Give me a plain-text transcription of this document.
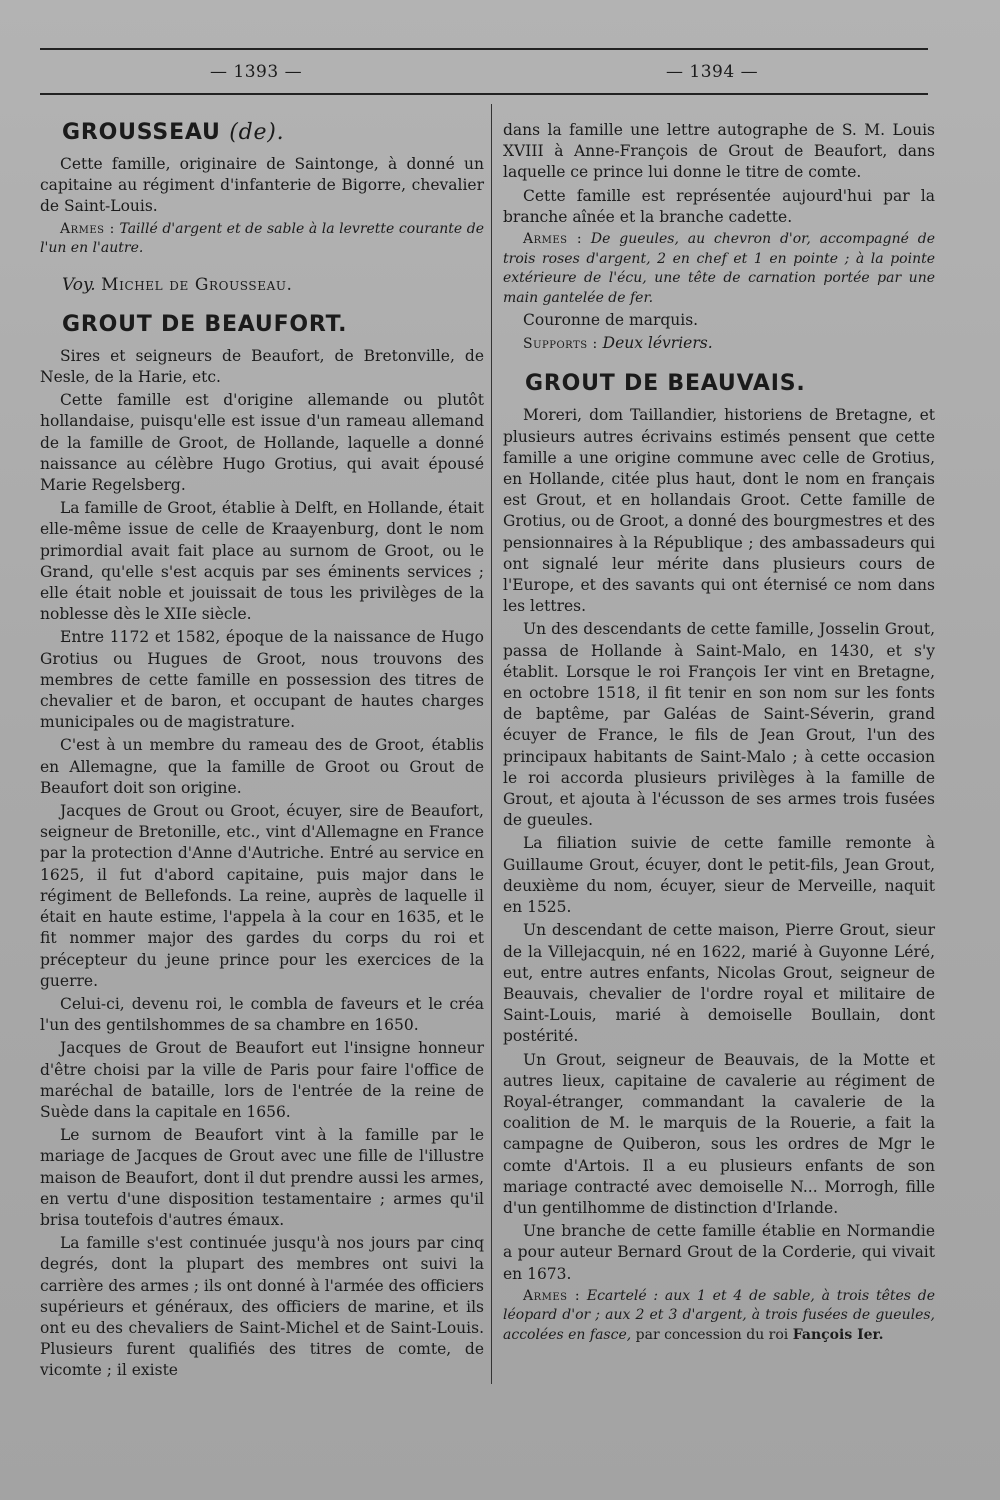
— 1393 —	— 1394 —
GROUSSEAU (de).

Cette famille, originaire de Saintonge, à donné un capitaine au régiment d'infanterie de Bigorre, chevalier de Saint-Louis.

Armes : Taillé d'argent et de sable à la levrette courante de l'un en l'autre.

Voy. Michel de Grousseau.
GROUT DE BEAUFORT.

Sires et seigneurs de Beaufort, de Bretonville, de Nesle, de la Harie, etc.

Cette famille est d'origine allemande ou plutôt hollandaise, puisqu'elle est issue d'un rameau allemand de la famille de Groot, de Hollande, laquelle a donné naissance au célèbre Hugo Grotius, qui avait épousé Marie Regelsberg.

La famille de Groot, établie à Delft, en Hollande, était elle-même issue de celle de Kraayenburg, dont le nom primordial avait fait place au surnom de Groot, ou le Grand, qu'elle s'est acquis par ses éminents services ; elle était noble et jouissait de tous les privilèges de la noblesse dès le XIIe siècle.

Entre 1172 et 1582, époque de la naissance de Hugo Grotius ou Hugues de Groot, nous trouvons des membres de cette famille en possession des titres de chevalier et de baron, et occupant de hautes charges municipales ou de magistrature.

C'est à un membre du rameau des de Groot, établis en Allemagne, que la famille de Groot ou Grout de Beaufort doit son origine.

Jacques de Grout ou Groot, écuyer, sire de Beaufort, seigneur de Bretonille, etc., vint d'Allemagne en France par la protection d'Anne d'Autriche. Entré au service en 1625, il fut d'abord capitaine, puis major dans le régiment de Bellefonds. La reine, auprès de laquelle il était en haute estime, l'appela à la cour en 1635, et le fit nommer major des gardes du corps du roi et précepteur du jeune prince pour les exercices de la guerre.

Celui-ci, devenu roi, le combla de faveurs et le créa l'un des gentilshommes de sa chambre en 1650.

Jacques de Grout de Beaufort eut l'insigne honneur d'être choisi par la ville de Paris pour faire l'office de maréchal de bataille, lors de l'entrée de la reine de Suède dans la capitale en 1656.

Le surnom de Beaufort vint à la famille par le mariage de Jacques de Grout avec une fille de l'illustre maison de Beaufort, dont il dut prendre aussi les armes, en vertu d'une disposition testamentaire ; armes qu'il brisa toutefois d'autres émaux.

La famille s'est continuée jusqu'à nos jours par cinq degrés, dont la plupart des membres ont suivi la carrière des armes ; ils ont donné à l'armée des officiers supérieurs et généraux, des officiers de marine, et ils ont eu des chevaliers de Saint-Michel et de Saint-Louis. Plusieurs furent qualifiés des titres de comte, de vicomte ; il existe

dans la famille une lettre autographe de S. M. Louis XVIII à Anne-François de Grout de Beaufort, dans laquelle ce prince lui donne le titre de comte.

Cette famille est représentée aujourd'hui par la branche aînée et la branche cadette.

Armes : De gueules, au chevron d'or, accompagné de trois roses d'argent, 2 en chef et 1 en pointe ; à la pointe extérieure de l'écu, une tête de carnation portée par une main gantelée de fer.

Couronne de marquis.

Supports : Deux lévriers.

GROUT DE BEAUVAIS.

Moreri, dom Taillandier, historiens de Bretagne, et plusieurs autres écrivains estimés pensent que cette famille a une origine commune avec celle de Grotius, en Hollande, citée plus haut, dont le nom en français est Grout, et en hollandais Groot. Cette famille de Grotius, ou de Groot, a donné des bourgmestres et des pensionnaires à la République ; des ambassadeurs qui ont signalé leur mérite dans plusieurs cours de l'Europe, et des savants qui ont éternisé ce nom dans les lettres.

Un des descendants de cette famille, Josselin Grout, passa de Hollande à Saint-Malo, en 1430, et s'y établit. Lorsque le roi François Ier vint en Bretagne, en octobre 1518, il fit tenir en son nom sur les fonts de baptême, par Galéas de Saint-Séverin, grand écuyer de France, le fils de Jean Grout, l'un des principaux habitants de Saint-Malo ; à cette occasion le roi accorda plusieurs privilèges à la famille de Grout, et ajouta à l'écusson de ses armes trois fusées de gueules.

La filiation suivie de cette famille remonte à Guillaume Grout, écuyer, dont le petit-fils, Jean Grout, deuxième du nom, écuyer, sieur de Merveille, naquit en 1525.

Un descendant de cette maison, Pierre Grout, sieur de la Villejacquin, né en 1622, marié à Guyonne Léré, eut, entre autres enfants, Nicolas Grout, seigneur de Beauvais, chevalier de l'ordre royal et militaire de Saint-Louis, marié à demoiselle Boullain, dont postérité.

Un Grout, seigneur de Beauvais, de la Motte et autres lieux, capitaine de cavalerie au régiment de Royal-étranger, commandant la cavalerie de la coalition de M. le marquis de la Rouerie, a fait la campagne de Quiberon, sous les ordres de Mgr le comte d'Artois. Il a eu plusieurs enfants de son mariage contracté avec demoiselle N... Morrogh, fille d'un gentilhomme de distinction d'Irlande.

Une branche de cette famille établie en Normandie a pour auteur Bernard Grout de la Corderie, qui vivait en 1673.

Armes : Ecartelé : aux 1 et 4 de sable, à trois têtes de léopard d'or ; aux 2 et 3 d'argent, à trois fusées de gueules, accolées en fasce, par concession du roi Fançois Ier.
